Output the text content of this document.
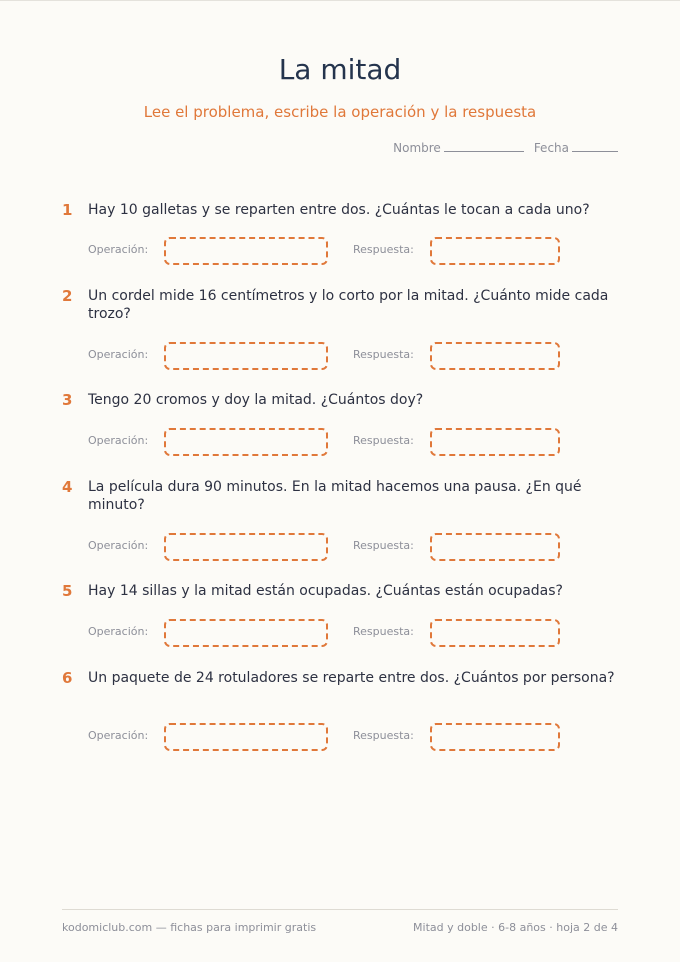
La mitad
Lee el problema, escribe la operación y la respuesta
Nombre	Fecha
1	Hay 10 galletas y se reparten entre dos. ¿Cuántas le tocan a cada uno?
Operación:	Respuesta:
2	Un cordel mide 16 centímetros y lo corto por la mitad. ¿Cuánto mide cada trozo?
Operación:	Respuesta:
3	Tengo 20 cromos y doy la mitad. ¿Cuántos doy?
Operación:	Respuesta:
4	La película dura 90 minutos. En la mitad hacemos una pausa. ¿En qué minuto?
Operación:	Respuesta:
5	Hay 14 sillas y la mitad están ocupadas. ¿Cuántas están ocupadas?
Operación:	Respuesta:
6	Un paquete de 24 rotuladores se reparte entre dos. ¿Cuántos por persona?
Operación:	Respuesta:
kodomiclub.com — fichas para imprimir gratis	Mitad y doble · 6-8 años · hoja 2 de 4
